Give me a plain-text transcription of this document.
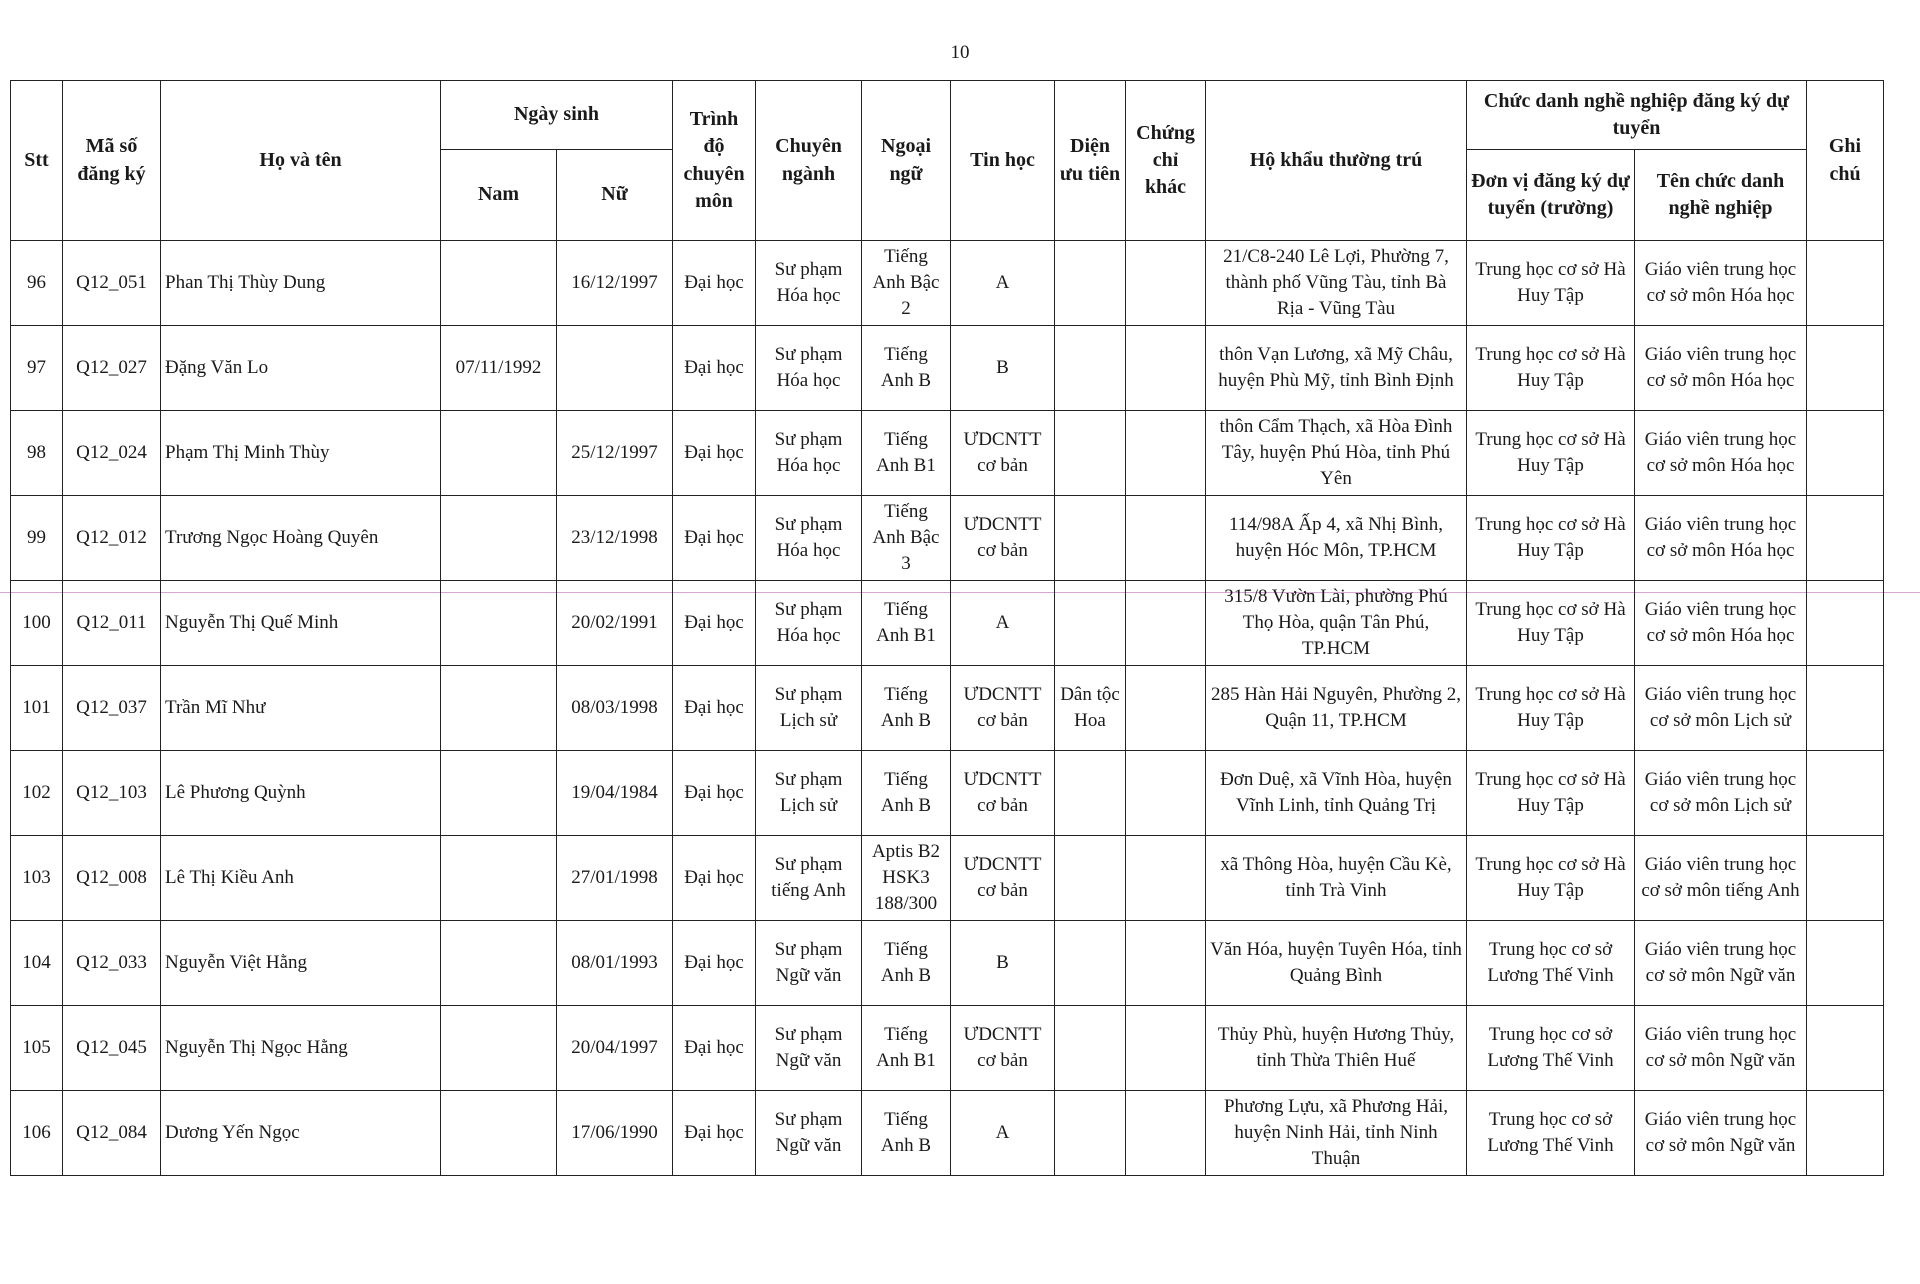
10
Stt	Mã số đăng ký	Họ và tên	Ngày sinh		Trình độ chuyên môn	Chuyên ngành	Ngoại ngữ	Tin học	Diện ưu tiên	Chứng chỉ khác	Hộ khẩu thường trú	Chức danh nghề nghiệp đăng ký dự tuyển		Ghi chú
			Nam	Nữ								Đơn vị đăng ký dự tuyển (trường)	Tên chức danh nghề nghiệp	
96	Q12_051	Phan Thị Thùy Dung		16/12/1997	Đại học	Sư phạm Hóa học	Tiếng Anh Bậc 2	A			21/C8-240 Lê Lợi, Phường 7, thành phố Vũng Tàu, tỉnh Bà Rịa - Vũng Tàu	Trung học cơ sở Hà Huy Tập	Giáo viên trung học cơ sở môn Hóa học	
97	Q12_027	Đặng Văn Lo	07/11/1992		Đại học	Sư phạm Hóa học	Tiếng Anh B	B			thôn Vạn Lương, xã Mỹ Châu, huyện Phù Mỹ, tỉnh Bình Định	Trung học cơ sở Hà Huy Tập	Giáo viên trung học cơ sở môn Hóa học	
98	Q12_024	Phạm Thị Minh Thùy		25/12/1997	Đại học	Sư phạm Hóa học	Tiếng Anh B1	ƯDCNTT cơ bản			thôn Cẩm Thạch, xã Hòa Đình Tây, huyện Phú Hòa, tỉnh Phú Yên	Trung học cơ sở Hà Huy Tập	Giáo viên trung học cơ sở môn Hóa học	
99	Q12_012	Trương Ngọc Hoàng Quyên		23/12/1998	Đại học	Sư phạm Hóa học	Tiếng Anh Bậc 3	ƯDCNTT cơ bản			114/98A Ấp 4, xã Nhị Bình, huyện Hóc Môn, TP.HCM	Trung học cơ sở Hà Huy Tập	Giáo viên trung học cơ sở môn Hóa học	
100	Q12_011	Nguyễn Thị Quế Minh		20/02/1991	Đại học	Sư phạm Hóa học	Tiếng Anh B1	A			315/8 Vườn Lài, phường Phú Thọ Hòa, quận Tân Phú, TP.HCM	Trung học cơ sở Hà Huy Tập	Giáo viên trung học cơ sở môn Hóa học	
101	Q12_037	Trần Mĩ Như		08/03/1998	Đại học	Sư phạm Lịch sử	Tiếng Anh B	ƯDCNTT cơ bản	Dân tộc Hoa		285 Hàn Hải Nguyên, Phường 2, Quận 11, TP.HCM	Trung học cơ sở Hà Huy Tập	Giáo viên trung học cơ sở môn Lịch sử	
102	Q12_103	Lê Phương Quỳnh		19/04/1984	Đại học	Sư phạm Lịch sử	Tiếng Anh B	ƯDCNTT cơ bản			Đơn Duệ, xã Vĩnh Hòa, huyện Vĩnh Linh, tỉnh Quảng Trị	Trung học cơ sở Hà Huy Tập	Giáo viên trung học cơ sở môn Lịch sử	
103	Q12_008	Lê Thị Kiều Anh		27/01/1998	Đại học	Sư phạm tiếng Anh	Aptis B2 HSK3 188/300	ƯDCNTT cơ bản			xã Thông Hòa, huyện Cầu Kè, tỉnh Trà Vinh	Trung học cơ sở Hà Huy Tập	Giáo viên trung học cơ sở môn tiếng Anh	
104	Q12_033	Nguyễn Việt Hằng		08/01/1993	Đại học	Sư phạm Ngữ văn	Tiếng Anh B	B			Văn Hóa, huyện Tuyên Hóa, tỉnh Quảng Bình	Trung học cơ sở Lương Thế Vinh	Giáo viên trung học cơ sở môn Ngữ văn	
105	Q12_045	Nguyễn Thị Ngọc Hằng		20/04/1997	Đại học	Sư phạm Ngữ văn	Tiếng Anh B1	ƯDCNTT cơ bản			Thủy Phù, huyện Hương Thủy, tỉnh Thừa Thiên Huế	Trung học cơ sở Lương Thế Vinh	Giáo viên trung học cơ sở môn Ngữ văn	
106	Q12_084	Dương Yến Ngọc		17/06/1990	Đại học	Sư phạm Ngữ văn	Tiếng Anh B	A			Phương Lựu, xã Phương Hải, huyện Ninh Hải, tỉnh Ninh Thuận	Trung học cơ sở Lương Thế Vinh	Giáo viên trung học cơ sở môn Ngữ văn	
